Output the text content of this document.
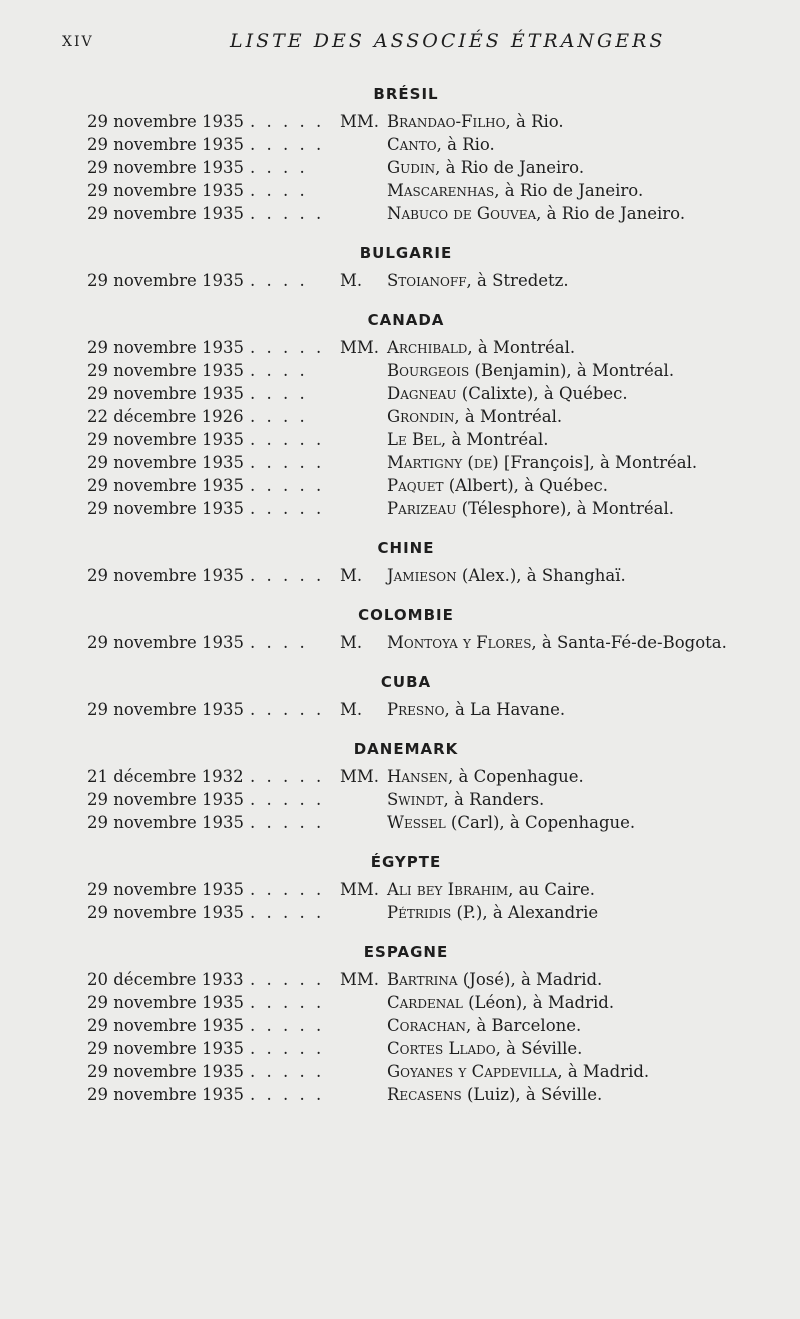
XIV	LISTE DES ASSOCIÉS ÉTRANGERS
BRÉSIL
29 novembre 1935 . . . . . MM. Brandao-Filho, à Rio.
29 novembre 1935 . . . . .	Canto, à Rio.
29 novembre 1935 . . . .	Gudin, à Rio de Janeiro.
29 novembre 1935 . . . .	Mascarenhas, à Rio de Janeiro.
29 novembre 1935 . . . . .	Nabuco de Gouvea, à Rio de Janeiro.
BULGARIE
29 novembre 1935 . . . . M. Stoianoff, à Stredetz.
CANADA
29 novembre 1935 . . . . . MM. Archibald, à Montréal.
29 novembre 1935 . . . .	Bourgeois (Benjamin), à Montréal.
29 novembre 1935 . . . .	Dagneau (Calixte), à Québec.
22 décembre 1926 . . . .	Grondin, à Montréal.
29 novembre 1935 . . . . .	Le Bel, à Montréal.
29 novembre 1935 . . . . .	Martigny (de) [François], à Montréal.
29 novembre 1935 . . . . .	Paquet (Albert), à Québec.
29 novembre 1935 . . . . .	Parizeau (Télesphore), à Montréal.
CHINE
29 novembre 1935 . . . . . M. Jamieson (Alex.), à Shanghaï.
COLOMBIE
29 novembre 1935 . . . . M. Montoya y Flores, à Santa-Fé-de-Bogota.
CUBA
29 novembre 1935 . . . . . M. Presno, à La Havane.
DANEMARK
21 décembre 1932 . . . . . MM. Hansen, à Copenhague.
29 novembre 1935 . . . . .	Swindt, à Randers.
29 novembre 1935 . . . . .	Wessel (Carl), à Copenhague.
ÉGYPTE
29 novembre 1935 . . . . . MM. Ali bey Ibrahim, au Caire.
29 novembre 1935 . . . . .	Pétridis (P.), à Alexandrie
ESPAGNE
20 décembre 1933 . . . . . MM. Bartrina (José), à Madrid.
29 novembre 1935 . . . . .	Cardenal (Léon), à Madrid.
29 novembre 1935 . . . . .	Corachan, à Barcelone.
29 novembre 1935 . . . . .	Cortes Llado, à Séville.
29 novembre 1935 . . . . .	Goyanes y Capdevilla, à Madrid.
29 novembre 1935 . . . . .	Recasens (Luiz), à Séville.
